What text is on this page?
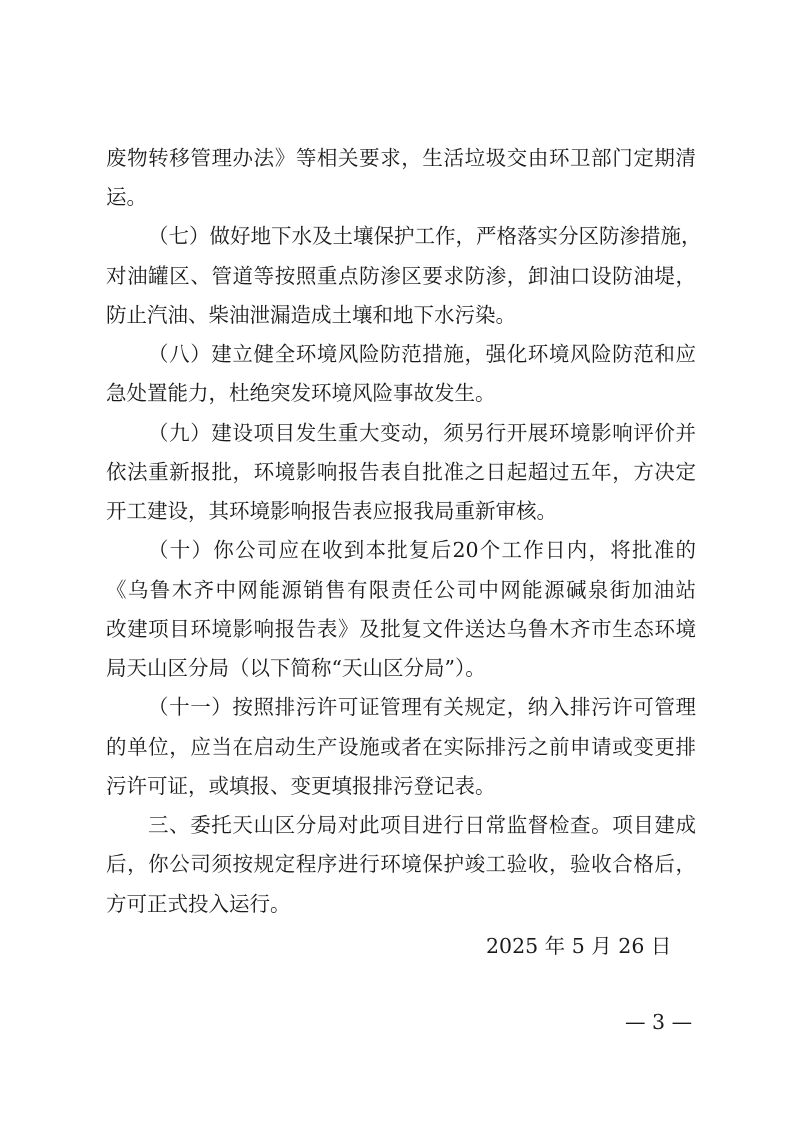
废物转移管理办法》等相关要求，生活垃圾交由环卫部门定期清
运。
（七）做好地下水及土壤保护工作，严格落实分区防渗措施，
对油罐区、管道等按照重点防渗区要求防渗，卸油口设防油堤，
防止汽油、柴油泄漏造成土壤和地下水污染。
（八）建立健全环境风险防范措施，强化环境风险防范和应
急处置能力，杜绝突发环境风险事故发生。
（九）建设项目发生重大变动，须另行开展环境影响评价并
依法重新报批，环境影响报告表自批准之日起超过五年，方决定
开工建设，其环境影响报告表应报我局重新审核。
（十）你公司应在收到本批复后20个工作日内，将批准的
《乌鲁木齐中网能源销售有限责任公司中网能源碱泉街加油站
改建项目环境影响报告表》及批复文件送达乌鲁木齐市生态环境
局天山区分局（以下简称“天山区分局”）。
（十一）按照排污许可证管理有关规定，纳入排污许可管理
的单位，应当在启动生产设施或者在实际排污之前申请或变更排
污许可证，或填报、变更填报排污登记表。
三、委托天山区分局对此项目进行日常监督检查。项目建成
后，你公司须按规定程序进行环境保护竣工验收，验收合格后，
方可正式投入运行。
2025 年 5 月 26 日
— 3 —
